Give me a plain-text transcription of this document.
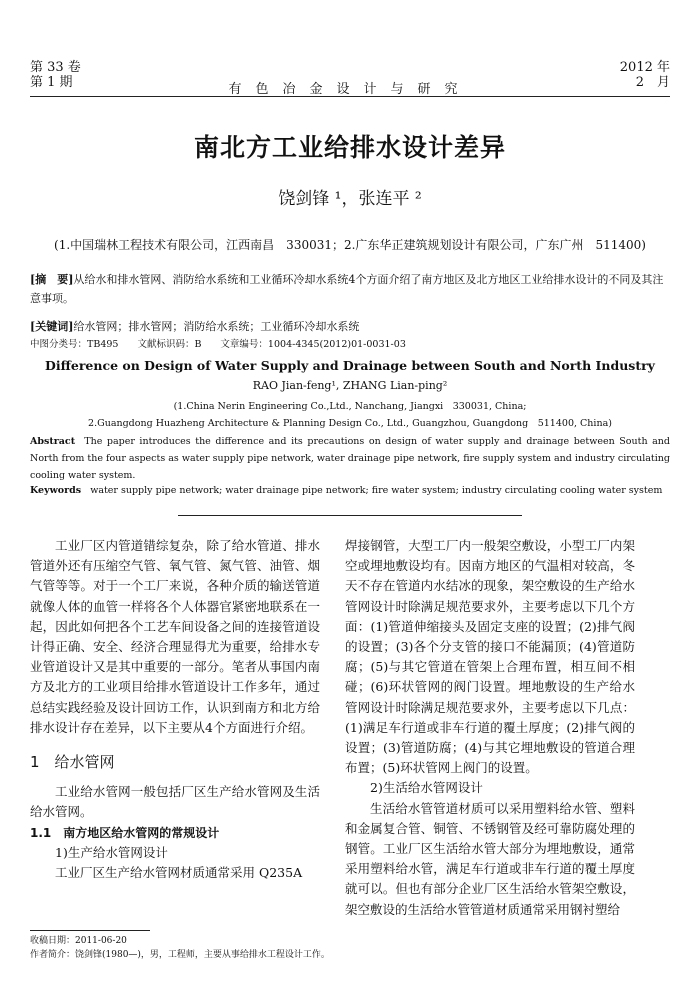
第 33 卷
第 1 期	有色冶金设计与研究
2012 年
2　月
南北方工业给排水设计差异
饶剑锋 ¹，张连平 ²
(1.中国瑞林工程技术有限公司，江西南昌　330031；2.广东华正建筑规划设计有限公司，广东广州　511400)
[摘　要]从给水和排水管网、消防给水系统和工业循环冷却水系统4个方面介绍了南方地区及北方地区工业给排水设计的不同及其注意事项。
[关键词]给水管网；排水管网；消防给水系统；工业循环冷却水系统
中图分类号：TB495　　文献标识码：B　　文章编号：1004-4345(2012)01-0031-03
Difference on Design of Water Supply and Drainage between South and North Industry
RAO Jian-feng¹, ZHANG Lian-ping²
(1.China Nerin Engineering Co.,Ltd., Nanchang, Jiangxi　330031, China;
2.Guangdong Huazheng Architecture & Planning Design Co., Ltd., Guangzhou, Guangdong　511400, China)
Abstract The paper introduces the difference and its precautions on design of water supply and drainage between South and North from the four aspects as water supply pipe network, water drainage pipe network, fire supply system and industry circulating cooling water system.
Keywords water supply pipe network; water drainage pipe network; fire water system; industry circulating cooling water system

工业厂区内管道错综复杂，除了给水管道、排水管道外还有压缩空气管、氧气管、氮气管、油管、烟气管等等。对于一个工厂来说，各种介质的输送管道就像人体的血管一样将各个人体器官紧密地联系在一起，因此如何把各个工艺车间设备之间的连接管道设计得正确、安全、经济合理显得尤为重要，给排水专业管道设计又是其中重要的一部分。笔者从事国内南方及北方的工业项目给排水管道设计工作多年，通过总结实践经验及设计回访工作，认识到南方和北方给排水设计存在差异，以下主要从4个方面进行介绍。

1　给水管网

工业给水管网一般包括厂区生产给水管网及生活给水管网。

1.1　南方地区给水管网的常规设计

1)生产给水管网设计

工业厂区生产给水管网材质通常采用 Q235A

焊接钢管，大型工厂内一般架空敷设，小型工厂内架空或埋地敷设均有。因南方地区的气温相对较高，冬天不存在管道内水结冰的现象，架空敷设的生产给水管网设计时除满足规范要求外，主要考虑以下几个方面：(1)管道伸缩接头及固定支座的设置；(2)排气阀的设置；(3)各个分支管的接口不能漏顶；(4)管道防腐；(5)与其它管道在管架上合理布置，相互间不相碰；(6)环状管网的阀门设置。埋地敷设的生产给水管网设计时除满足规范要求外，主要考虑以下几点：(1)满足车行道或非车行道的覆土厚度；(2)排气阀的设置；(3)管道防腐；(4)与其它埋地敷设的管道合理布置；(5)环状管网上阀门的设置。

2)生活给水管网设计

生活给水管管道材质可以采用塑料给水管、塑料和金属复合管、铜管、不锈钢管及经可靠防腐处理的钢管。工业厂区生活给水管大部分为埋地敷设，通常采用塑料给水管，满足车行道或非车行道的覆土厚度就可以。但也有部分企业厂区生活给水管架空敷设，架空敷设的生活给水管管道材质通常采用钢衬塑给

收稿日期：2011-06-20
作者简介：饶剑锋(1980—)，男，工程师，主要从事给排水工程设计工作。
